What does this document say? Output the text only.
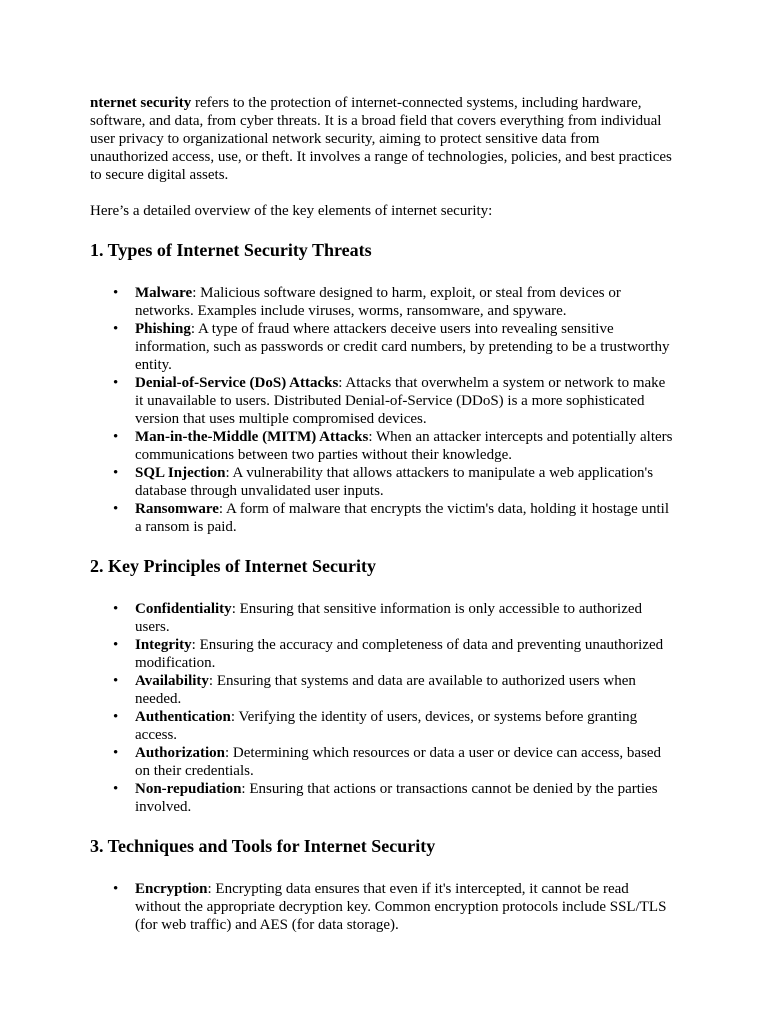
nternet security refers to the protection of internet-connected systems, including hardware,
software, and data, from cyber threats. It is a broad field that covers everything from individual
user privacy to organizational network security, aiming to protect sensitive data from
unauthorized access, use, or theft. It involves a range of technologies, policies, and best practices
to secure digital assets.

Here’s a detailed overview of the key elements of internet security:

1. Types of Internet Security Threats
• Malware: Malicious software designed to harm, exploit, or steal from devices or
networks. Examples include viruses, worms, ransomware, and spyware.
• Phishing: A type of fraud where attackers deceive users into revealing sensitive
information, such as passwords or credit card numbers, by pretending to be a trustworthy
entity.
• Denial-of-Service (DoS) Attacks: Attacks that overwhelm a system or network to make
it unavailable to users. Distributed Denial-of-Service (DDoS) is a more sophisticated
version that uses multiple compromised devices.
• Man-in-the-Middle (MITM) Attacks: When an attacker intercepts and potentially alters
communications between two parties without their knowledge.
• SQL Injection: A vulnerability that allows attackers to manipulate a web application's
database through unvalidated user inputs.
• Ransomware: A form of malware that encrypts the victim's data, holding it hostage until
a ransom is paid.
2. Key Principles of Internet Security
• Confidentiality: Ensuring that sensitive information is only accessible to authorized
users.
• Integrity: Ensuring the accuracy and completeness of data and preventing unauthorized
modification.
• Availability: Ensuring that systems and data are available to authorized users when
needed.
• Authentication: Verifying the identity of users, devices, or systems before granting
access.
• Authorization: Determining which resources or data a user or device can access, based
on their credentials.
• Non-repudiation: Ensuring that actions or transactions cannot be denied by the parties
involved.
3. Techniques and Tools for Internet Security
• Encryption: Encrypting data ensures that even if it's intercepted, it cannot be read
without the appropriate decryption key. Common encryption protocols include SSL/TLS
(for web traffic) and AES (for data storage).
